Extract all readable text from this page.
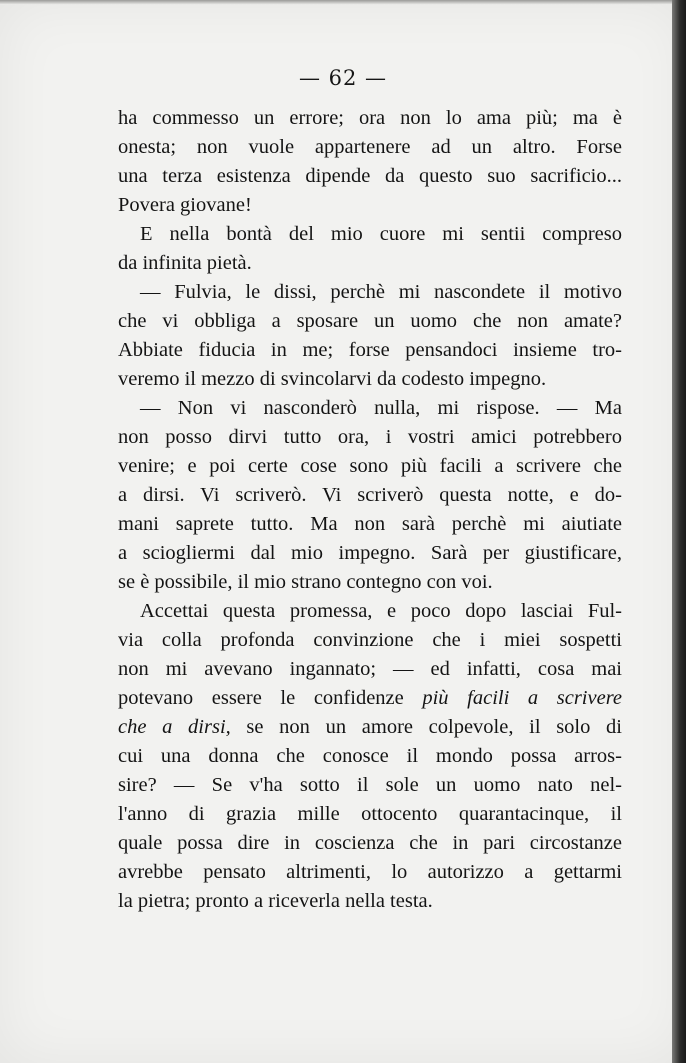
— 62 —
ha commesso un errore; ora non lo ama più; ma è
onesta; non vuole appartenere ad un altro. Forse
una terza esistenza dipende da questo suo sacrificio...
Povera giovane!
E nella bontà del mio cuore mi sentii compreso
da infinita pietà.
— Fulvia, le dissi, perchè mi nascondete il motivo
che vi obbliga a sposare un uomo che non amate?
Abbiate fiducia in me; forse pensandoci insieme tro-
veremo il mezzo di svincolarvi da codesto impegno.
— Non vi nasconderò nulla, mi rispose. — Ma
non posso dirvi tutto ora, i vostri amici potrebbero
venire; e poi certe cose sono più facili a scrivere che
a dirsi. Vi scriverò. Vi scriverò questa notte, e do-
mani saprete tutto. Ma non sarà perchè mi aiutiate
a sciogliermi dal mio impegno. Sarà per giustificare,
se è possibile, il mio strano contegno con voi.
Accettai questa promessa, e poco dopo lasciai Ful-
via colla profonda convinzione che i miei sospetti
non mi avevano ingannato; — ed infatti, cosa mai
potevano essere le confidenze più facili a scrivere
che a dirsi, se non un amore colpevole, il solo di
cui una donna che conosce il mondo possa arros-
sire? — Se v'ha sotto il sole un uomo nato nel-
l'anno di grazia mille ottocento quarantacinque, il
quale possa dire in coscienza che in pari circostanze
avrebbe pensato altrimenti, lo autorizzo a gettarmi
la pietra; pronto a riceverla nella testa.
